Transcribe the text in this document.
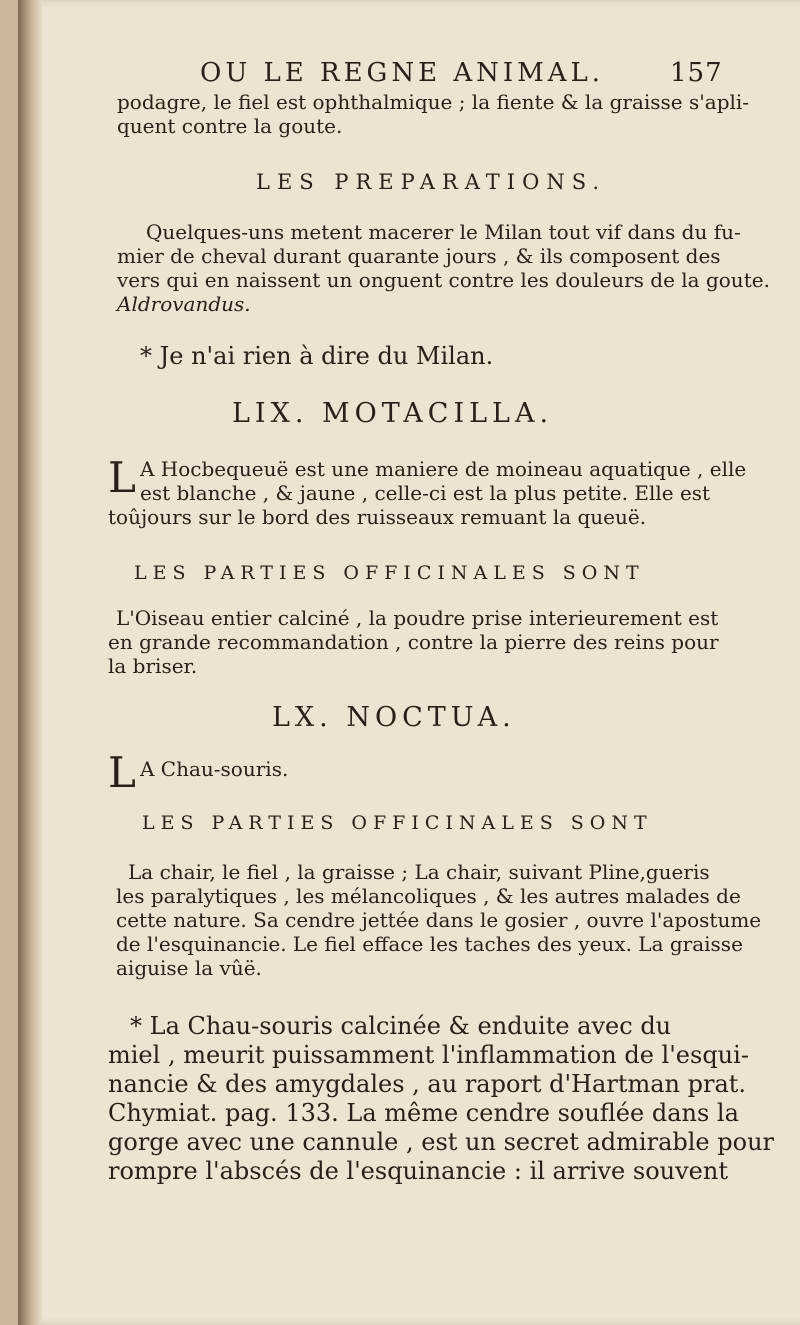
OU LE REGNE ANIMAL.	157
podagre, le fiel est ophthalmique ; la fiente & la graisse s'apli-
quent contre la goute.
LES PREPARATIONS.
Quelques-uns metent macerer le Milan tout vif dans du fu-
mier de cheval durant quarante jours , & ils composent des
vers qui en naissent un onguent contre les douleurs de la goute.
Aldrovandus.
* Je n'ai rien à dire du Milan.
LIX. MOTACILLA.
L A Hocbequeuë est une maniere de moineau aquatique , elle
est blanche , & jaune , celle-ci est la plus petite. Elle est
toûjours sur le bord des ruisseaux remuant la queuë.
LES PARTIES OFFICINALES SONT
L'Oiseau entier calciné , la poudre prise interieurement est
en grande recommandation , contre la pierre des reins pour
la briser.
LX. NOCTUA.
L A Chau-souris.
LES PARTIES OFFICINALES SONT
La chair, le fiel , la graisse ; La chair, suivant Pline,gueris
les paralytiques , les mélancoliques , & les autres malades de
cette nature. Sa cendre jettée dans le gosier , ouvre l'apostume
de l'esquinancie. Le fiel efface les taches des yeux. La graisse
aiguise la vûë.
* La Chau-souris calcinée & enduite avec du
miel , meurit puissamment l'inflammation de l'esqui-
nancie & des amygdales , au raport d'Hartman prat.
Chymiat. pag. 133. La même cendre souflée dans la
gorge avec une cannule , est un secret admirable pour
rompre l'abscés de l'esquinancie : il arrive souvent
